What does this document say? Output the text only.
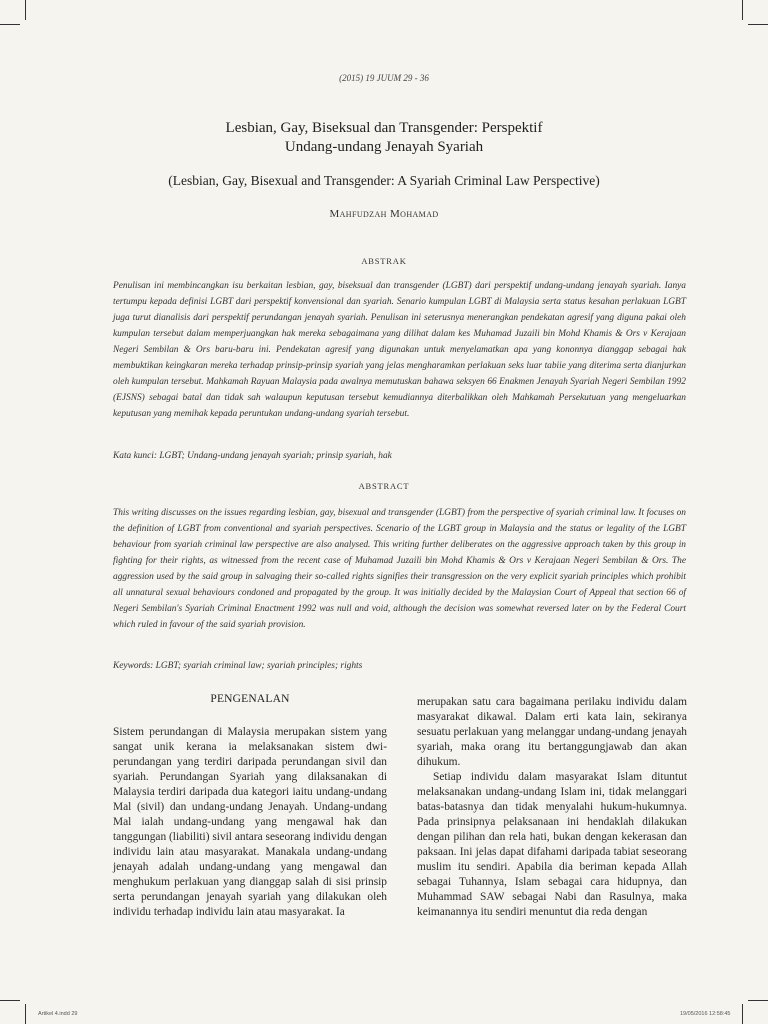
(2015) 19 JUUM 29 - 36
Lesbian, Gay, Biseksual dan Transgender: Perspektif
Undang-undang Jenayah Syariah
(Lesbian, Gay, Bisexual and Transgender: A Syariah Criminal Law Perspective)
Mahfudzah Mohamad
ABSTRAK

Penulisan ini membincangkan isu berkaitan lesbian, gay, biseksual dan transgender (LGBT) dari perspektif undang-undang jenayah syariah. Ianya tertumpu kepada definisi LGBT dari perspektif konvensional dan syariah. Senario kumpulan LGBT di Malaysia serta status kesahan perlakuan LGBT juga turut dianalisis dari perspektif perundangan jenayah syariah. Penulisan ini seterusnya menerangkan pendekatan agresif yang diguna pakai oleh kumpulan tersebut dalam memperjuangkan hak mereka sebagaimana yang dilihat dalam kes Muhamad Juzaili bin Mohd Khamis & Ors v Kerajaan Negeri Sembilan & Ors baru-baru ini. Pendekatan agresif yang digunakan untuk menyelamatkan apa yang kononnya dianggap sebagai hak membuktikan keingkaran mereka terhadap prinsip-prinsip syariah yang jelas mengharamkan perlakuan seks luar tabiie yang diterima serta dianjurkan oleh kumpulan tersebut. Mahkamah Rayuan Malaysia pada awalnya memutuskan bahawa seksyen 66 Enakmen Jenayah Syariah Negeri Sembilan 1992 (EJSNS) sebagai batal dan tidak sah walaupun keputusan tersebut kemudiannya diterbalikkan oleh Mahkamah Persekutuan yang mengeluarkan keputusan yang memihak kepada peruntukan undang-undang syariah tersebut.

Kata kunci: LGBT; Undang-undang jenayah syariah; prinsip syariah, hak

ABSTRACT

This writing discusses on the issues regarding lesbian, gay, bisexual and transgender (LGBT) from the perspective of syariah criminal law. It focuses on the definition of LGBT from conventional and syariah perspectives. Scenario of the LGBT group in Malaysia and the status or legality of the LGBT behaviour from syariah criminal law perspective are also analysed. This writing further deliberates on the aggressive approach taken by this group in fighting for their rights, as witnessed from the recent case of Muhamad Juzaili bin Mohd Khamis & Ors v Kerajaan Negeri Sembilan & Ors. The aggression used by the said group in salvaging their so-called rights signifies their transgression on the very explicit syariah principles which prohibit all unnatural sexual behaviours condoned and propagated by the group. It was initially decided by the Malaysian Court of Appeal that section 66 of Negeri Sembilan's Syariah Criminal Enactment 1992 was null and void, although the decision was somewhat reversed later on by the Federal Court which ruled in favour of the said syariah provision.

Keywords: LGBT; syariah criminal law; syariah principles; rights

PENGENALAN

Sistem perundangan di Malaysia merupakan sistem yang sangat unik kerana ia melaksanakan sistem dwi-perundangan yang terdiri daripada perundangan sivil dan syariah. Perundangan Syariah yang dilaksanakan di Malaysia terdiri daripada dua kategori iaitu undang-undang Mal (sivil) dan undang-undang Jenayah. Undang-undang Mal ialah undang-undang yang mengawal hak dan tanggungan (liabiliti) sivil antara seseorang individu dengan individu lain atau masyarakat. Manakala undang-undang jenayah adalah undang-undang yang mengawal dan menghukum perlakuan yang dianggap salah di sisi prinsip serta perundangan jenayah syariah yang dilakukan oleh individu terhadap individu lain atau masyarakat. Ia

merupakan satu cara bagaimana perilaku individu dalam masyarakat dikawal. Dalam erti kata lain, sekiranya sesuatu perlakuan yang melanggar undang-undang jenayah syariah, maka orang itu bertanggungjawab dan akan dihukum.

Setiap individu dalam masyarakat Islam dituntut melaksanakan undang-undang Islam ini, tidak melanggari batas-batasnya dan tidak menyalahi hukum-hukumnya. Pada prinsipnya pelaksanaan ini hendaklah dilakukan dengan pilihan dan rela hati, bukan dengan kekerasan dan paksaan. Ini jelas dapat difahami daripada tabiat seseorang muslim itu sendiri. Apabila dia beriman kepada Allah sebagai Tuhannya, Islam sebagai cara hidupnya, dan Muhammad SAW sebagai Nabi dan Rasulnya, maka keimanannya itu sendiri menuntut dia reda dengan

Artikel 4.indd 29	19/05/2016 12:58:45
